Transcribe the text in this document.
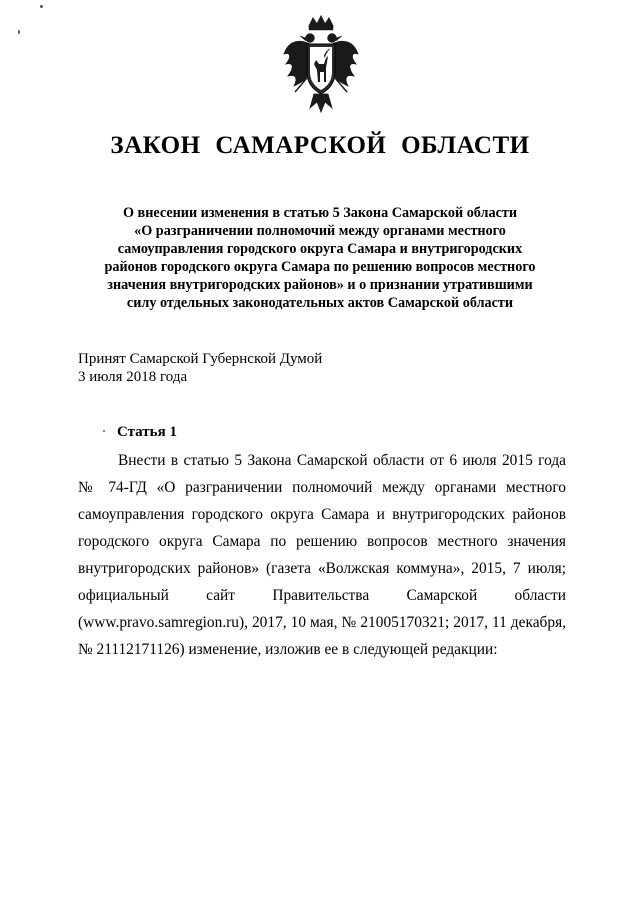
ЗАКОН САМАРСКОЙ ОБЛАСТИ
О внесении изменения в статью 5 Закона Самарской области
«О разграничении полномочий между органами местного
самоуправления городского округа Самара и внутригородских
районов городского округа Самара по решению вопросов местного
значения внутригородских районов» и о признании утратившими
силу отдельных законодательных актов Самарской области
Принят Самарской Губернской Думой
3 июля 2018 года
Статья 1
Внести в статью 5 Закона Самарской области от 6 июля 2015 года
№ 74-ГД «О разграничении полномочий между органами местного
самоуправления городского округа Самара и внутригородских районов
городского округа Самара по решению вопросов местного значения
внутригородских районов» (газета «Волжская коммуна», 2015, 7 июля;
официальный сайт Правительства Самарской области
(www.pravo.samregion.ru), 2017, 10 мая, № 21005170321; 2017, 11 декабря,
№ 21112171126) изменение, изложив ее в следующей редакции:
